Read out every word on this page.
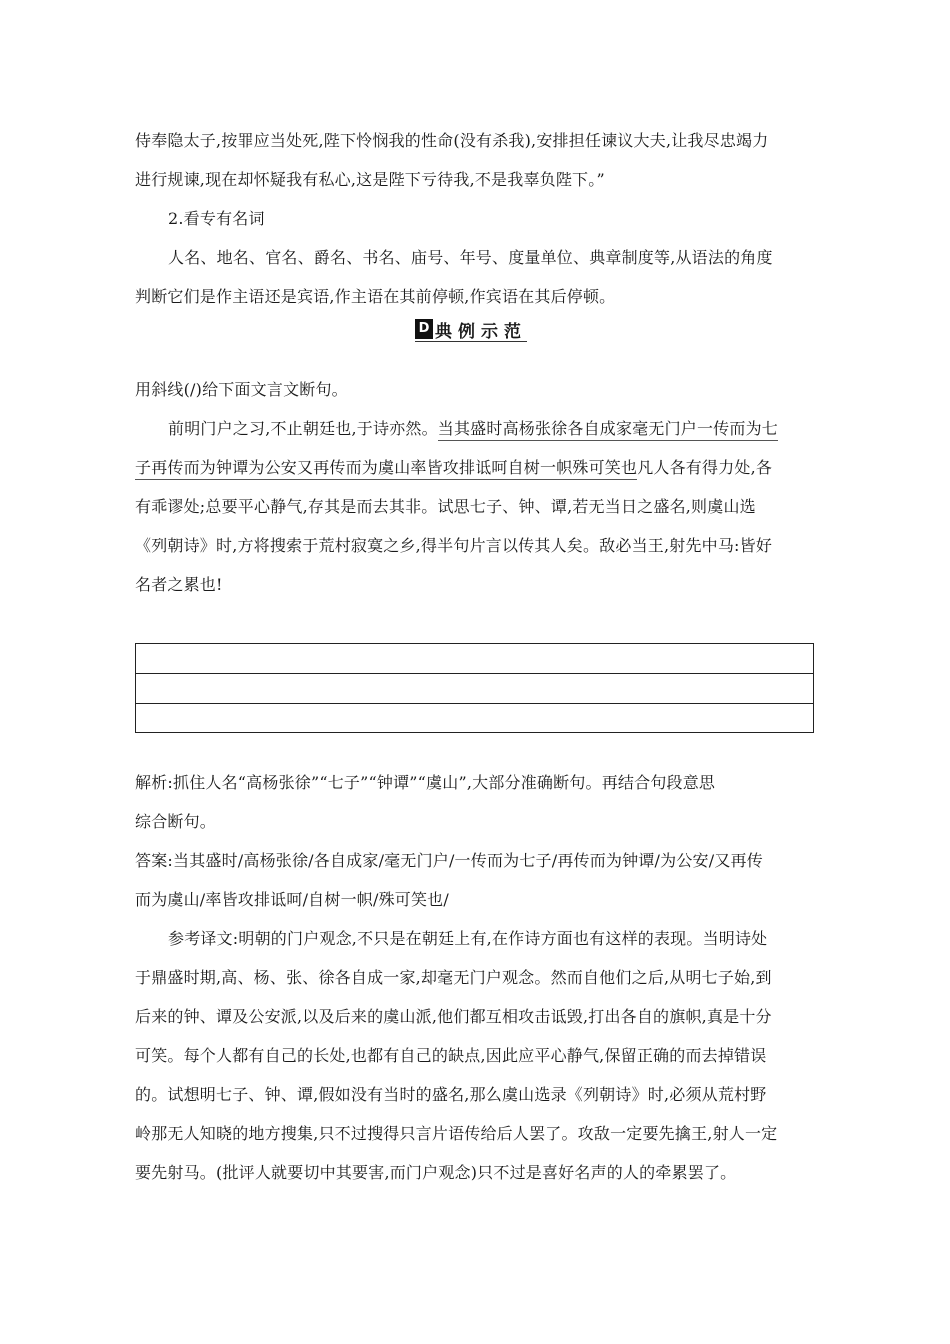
侍奉隐太子,按罪应当处死,陛下怜悯我的性命(没有杀我),安排担任谏议大夫,让我尽忠竭力
进行规谏,现在却怀疑我有私心,这是陛下亏待我,不是我辜负陛下。”
2.看专有名词
人名、地名、官名、爵名、书名、庙号、年号、度量单位、典章制度等,从语法的角度
判断它们是作主语还是宾语,作主语在其前停顿,作宾语在其后停顿。
D 典例示范
用斜线(/)给下面文言文断句。
前明门户之习,不止朝廷也,于诗亦然。当其盛时高杨张徐各自成家毫无门户一传而为七
子再传而为钟谭为公安又再传而为虞山率皆攻排诋呵自树一帜殊可笑也凡人各有得力处,各
有乖谬处;总要平心静气,存其是而去其非。试思七子、钟、谭,若无当日之盛名,则虞山选
《列朝诗》时,方将搜索于荒村寂寞之乡,得半句片言以传其人矣。敌必当王,射先中马:皆好
名者之累也!
解析:抓住人名“高杨张徐”“七子”“钟谭”“虞山”,大部分准确断句。再结合句段意思
综合断句。
答案:当其盛时/高杨张徐/各自成家/毫无门户/一传而为七子/再传而为钟谭/为公安/又再传
而为虞山/率皆攻排诋呵/自树一帜/殊可笑也/
参考译文:明朝的门户观念,不只是在朝廷上有,在作诗方面也有这样的表现。当明诗处
于鼎盛时期,高、杨、张、徐各自成一家,却毫无门户观念。然而自他们之后,从明七子始,到
后来的钟、谭及公安派,以及后来的虞山派,他们都互相攻击诋毁,打出各自的旗帜,真是十分
可笑。每个人都有自己的长处,也都有自己的缺点,因此应平心静气,保留正确的而去掉错误
的。试想明七子、钟、谭,假如没有当时的盛名,那么虞山选录《列朝诗》时,必须从荒村野
岭那无人知晓的地方搜集,只不过搜得只言片语传给后人罢了。攻敌一定要先擒王,射人一定
要先射马。(批评人就要切中其要害,而门户观念)只不过是喜好名声的人的牵累罢了。
